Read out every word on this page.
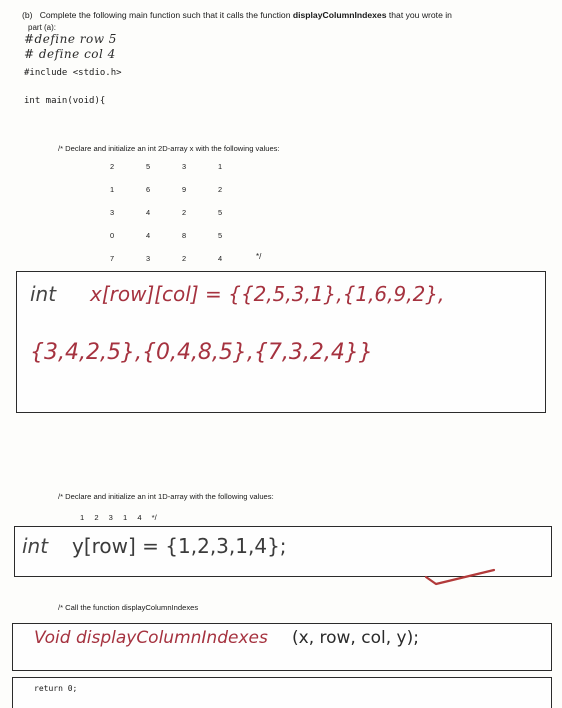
(b) Complete the following main function such that it calls the function displayColumnIndexes that you wrote in
part (a):
#define row 5
# define col 4
#include <stdio.h>
int main(void){
/* Declare and initialize an int 2D-array x with the following values:
2	5	3	1
1	6	9	2
3	4	2	5
0	4	8	5
7	3	2	4	*/
int x[row][col] = {{2,5,3,1},{1,6,9,2},
{3,4,2,5},{0,4,8,5},{7,3,2,4}}
/* Declare and initialize an int 1D-array with the following values:
1 2 3 1 4 */
int y[row] = {1,2,3,1,4};
/* Call the function displayColumnIndexes
Void displayColumnIndexes (x, row, col, y);
return 0;
